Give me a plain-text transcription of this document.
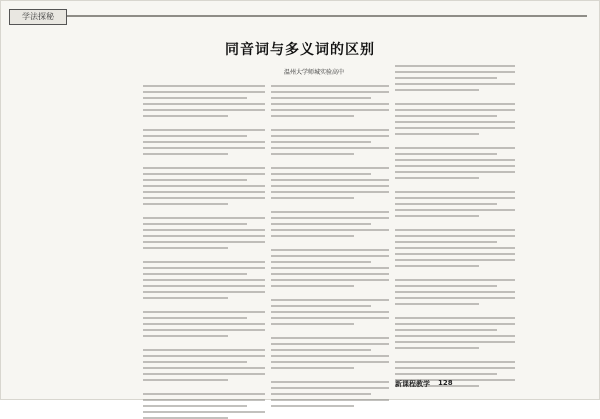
学法探秘
同音词与多义词的区别
温州大学师城实验高中
新课程教学 128
